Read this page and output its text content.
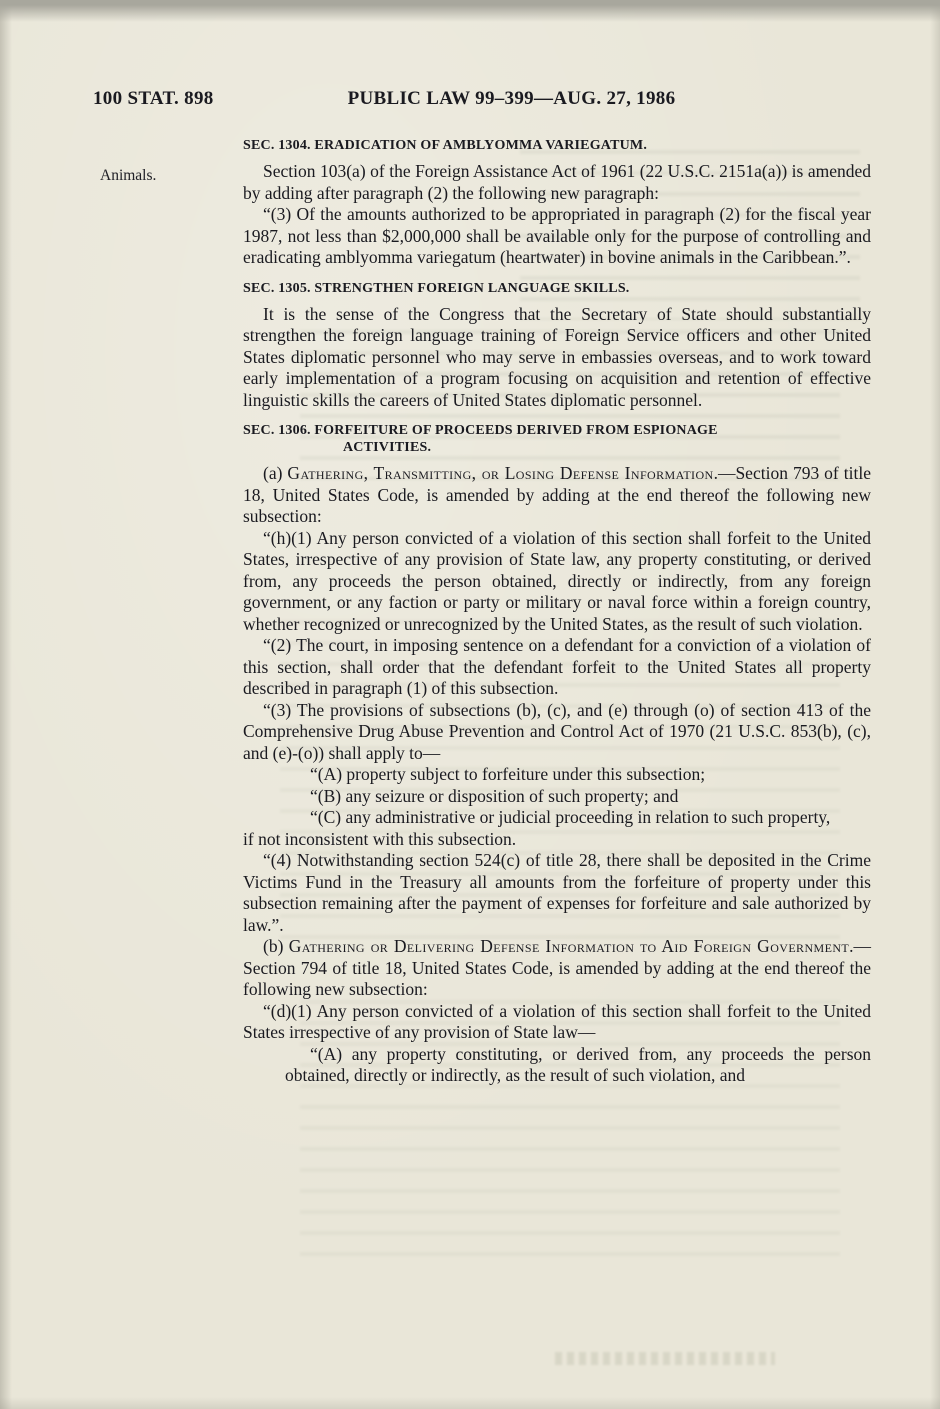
100 STAT. 898	PUBLIC LAW 99–399—AUG. 27, 1986
Animals.
SEC. 1304. ERADICATION OF AMBLYOMMA VARIEGATUM.

Section 103(a) of the Foreign Assistance Act of 1961 (22 U.S.C. 2151a(a)) is amended by adding after paragraph (2) the following new paragraph:

“(3) Of the amounts authorized to be appropriated in paragraph (2) for the fiscal year 1987, not less than $2,000,000 shall be available only for the purpose of controlling and eradicating amblyomma variegatum (heartwater) in bovine animals in the Caribbean.”.

SEC. 1305. STRENGTHEN FOREIGN LANGUAGE SKILLS.

It is the sense of the Congress that the Secretary of State should substantially strengthen the foreign language training of Foreign Service officers and other United States diplomatic personnel who may serve in embassies overseas, and to work toward early implementation of a program focusing on acquisition and retention of effective linguistic skills the careers of United States diplomatic personnel.

SEC. 1306. FORFEITURE OF PROCEEDS DERIVED FROM ESPIONAGE
ACTIVITIES.

(a) Gathering, Transmitting, or Losing Defense Information.—Section 793 of title 18, United States Code, is amended by adding at the end thereof the following new subsection:

“(h)(1) Any person convicted of a violation of this section shall forfeit to the United States, irrespective of any provision of State law, any property constituting, or derived from, any proceeds the person obtained, directly or indirectly, from any foreign government, or any faction or party or military or naval force within a foreign country, whether recognized or unrecognized by the United States, as the result of such violation.

“(2) The court, in imposing sentence on a defendant for a conviction of a violation of this section, shall order that the defendant forfeit to the United States all property described in paragraph (1) of this subsection.

“(3) The provisions of subsections (b), (c), and (e) through (o) of section 413 of the Comprehensive Drug Abuse Prevention and Control Act of 1970 (21 U.S.C. 853(b), (c), and (e)-(o)) shall apply to—

“(A) property subject to forfeiture under this subsection;

“(B) any seizure or disposition of such property; and

“(C) any administrative or judicial proceeding in relation to such property,

if not inconsistent with this subsection.

“(4) Notwithstanding section 524(c) of title 28, there shall be deposited in the Crime Victims Fund in the Treasury all amounts from the forfeiture of property under this subsection remaining after the payment of expenses for forfeiture and sale authorized by law.”.

(b) Gathering or Delivering Defense Information to Aid Foreign Government.—Section 794 of title 18, United States Code, is amended by adding at the end thereof the following new subsection:

“(d)(1) Any person convicted of a violation of this section shall forfeit to the United States irrespective of any provision of State law—

“(A) any property constituting, or derived from, any proceeds the person obtained, directly or indirectly, as the result of such violation, and
